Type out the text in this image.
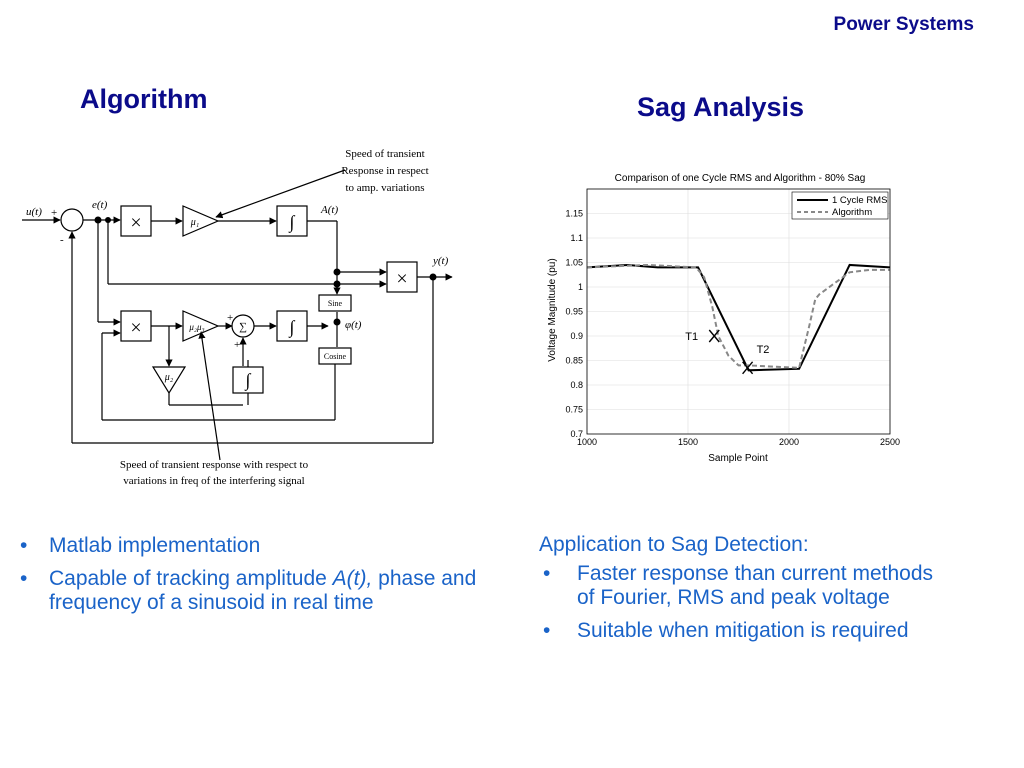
Power Systems
Algorithm	Sag Analysis
Speed of transient
Response in respect
to amp. variations
Speed of transient response with respect to
variations in freq of the interfering signal
u(t)
e(t)	A(t)
y(t)
φ(t)
+
-
+
+
×
×
×
∫
∫
∫
μ₁
μ₂μ₃
μ₂
∑
Sine
Cosine
Comparison of one Cycle RMS and Algorithm - 80% Sag
Sample Point
Voltage Magnitude (pu)
0.7
0.75
0.8
0.85
0.9
0.95
1
1.05
1.1
1.15
1000	1500	2000	2500
T1
T2
1 Cycle RMS
Algorithm
• Matlab implementation
• Capable of tracking amplitude A(t), phase and frequency of a sinusoid in real time
Application to Sag Detection:
• Faster response than current methods of Fourier, RMS and peak voltage
• Suitable when mitigation is required
